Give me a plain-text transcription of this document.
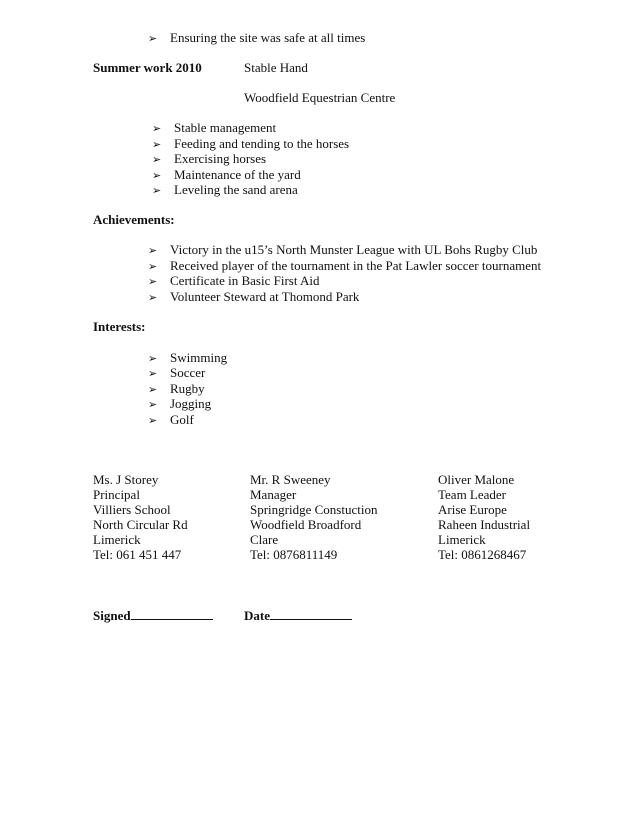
➢ Ensuring the site was safe at all times
Summer work 2010	Stable Hand
Woodfield Equestrian Centre
➢ Stable management
➢ Feeding and tending to the horses
➢ Exercising horses
➢ Maintenance of the yard
➢ Leveling the sand arena
Achievements:
➢ Victory in the u15’s North Munster League with UL Bohs Rugby Club
➢ Received player of the tournament in the Pat Lawler soccer tournament
➢ Certificate in Basic First Aid
➢ Volunteer Steward at Thomond Park
Interests:
➢ Swimming
➢ Soccer
➢ Rugby
➢ Jogging
➢ Golf
Ms. J Storey
Principal
Villiers School
North Circular Rd
Limerick
Tel: 061 451 447
Mr. R Sweeney
Manager
Springridge Constuction
Woodfield Broadford
Clare
Tel: 0876811149
Oliver Malone
Team Leader
Arise Europe
Raheen Industrial
Limerick
Tel: 0861268467
Signed	Date
